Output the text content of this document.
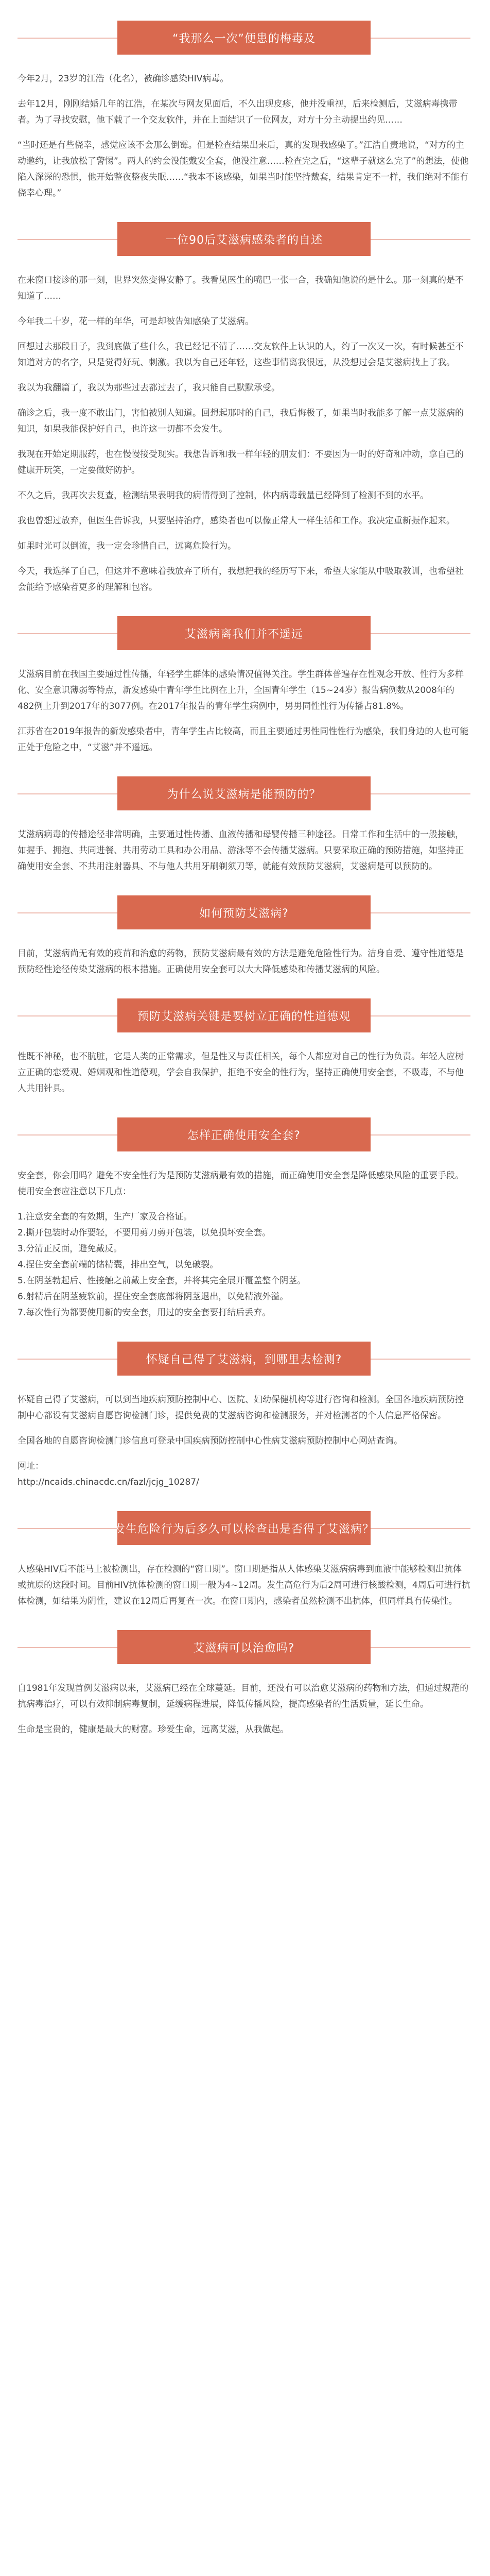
“我那么一次”便患的梅毒及

今年2月，23岁的江浩（化名），被确诊感染HIV病毒。

去年12月，刚刚结婚几年的江浩，在某次与网友见面后，不久出现皮疹，他并没重视，后来检测后，艾滋病毒携带者。为了寻找安慰，他下载了一个交友软件，并在上面结识了一位网友，对方十分主动提出约见……

“当时还是有些侥幸，感觉应该不会那么倒霉。但是检查结果出来后，真的发现我感染了。”江浩自责地说，“对方的主动邀约，让我放松了警惕”。两人的约会没能戴安全套，他没注意……检查完之后，“这辈子就这么完了”的想法，使他陷入深深的恐惧，他开始整夜整夜失眠……“我本不该感染，如果当时能坚持戴套，结果肯定不一样，我们绝对不能有侥幸心理。”

一位90后艾滋病感染者的自述

在来窗口接诊的那一刻，世界突然变得安静了。我看见医生的嘴巴一张一合，我确知他说的是什么。那一刻真的是不知道了……

今年我二十岁，花一样的年华，可是却被告知感染了艾滋病。

回想过去那段日子，我到底做了些什么，我已经记不清了……交友软件上认识的人，约了一次又一次，有时候甚至不知道对方的名字，只是觉得好玩、刺激。我以为自己还年轻，这些事情离我很远，从没想过会是艾滋病找上了我。

我以为我翻篇了，我以为那些过去都过去了，我只能自己默默承受。

确诊之后，我一度不敢出门，害怕被别人知道。回想起那时的自己，我后悔极了，如果当时我能多了解一点艾滋病的知识，如果我能保护好自己，也许这一切都不会发生。

我现在开始定期服药，也在慢慢接受现实。我想告诉和我一样年轻的朋友们：不要因为一时的好奇和冲动，拿自己的健康开玩笑，一定要做好防护。

不久之后，我再次去复查，检测结果表明我的病情得到了控制，体内病毒载量已经降到了检测不到的水平。

我也曾想过放弃，但医生告诉我，只要坚持治疗，感染者也可以像正常人一样生活和工作。我决定重新振作起来。

如果时光可以倒流，我一定会珍惜自己，远离危险行为。

今天，我选择了自己，但这并不意味着我放弃了所有，我想把我的经历写下来，希望大家能从中吸取教训，也希望社会能给予感染者更多的理解和包容。

艾滋病离我们并不遥远

艾滋病目前在我国主要通过性传播，年轻学生群体的感染情况值得关注。学生群体普遍存在性观念开放、性行为多样化、安全意识薄弱等特点，新发感染中青年学生比例在上升，全国青年学生（15~24岁）报告病例数从2008年的482例上升到2017年的3077例。在2017年报告的青年学生病例中，男男同性性行为传播占81.8%。

江苏省在2019年报告的新发感染者中，青年学生占比较高，而且主要通过男性同性性行为感染，我们身边的人也可能正处于危险之中，“艾滋”并不遥远。

为什么说艾滋病是能预防的？

艾滋病病毒的传播途径非常明确，主要通过性传播、血液传播和母婴传播三种途径。日常工作和生活中的一般接触，如握手、拥抱、共同进餐、共用劳动工具和办公用品、游泳等不会传播艾滋病。只要采取正确的预防措施，如坚持正确使用安全套、不共用注射器具、不与他人共用牙刷剃须刀等，就能有效预防艾滋病，艾滋病是可以预防的。

如何预防艾滋病?

目前，艾滋病尚无有效的疫苗和治愈的药物，预防艾滋病最有效的方法是避免危险性行为。洁身自爱、遵守性道德是预防经性途径传染艾滋病的根本措施。正确使用安全套可以大大降低感染和传播艾滋病的风险。

预防艾滋病关键是要树立正确的性道德观

性既不神秘，也不肮脏，它是人类的正常需求，但是性又与责任相关，每个人都应对自己的性行为负责。年轻人应树立正确的恋爱观、婚姻观和性道德观，学会自我保护，拒绝不安全的性行为，坚持正确使用安全套，不吸毒，不与他人共用针具。

怎样正确使用安全套?

安全套，你会用吗？避免不安全性行为是预防艾滋病最有效的措施，而正确使用安全套是降低感染风险的重要手段。使用安全套应注意以下几点：

1.注意安全套的有效期，生产厂家及合格证。
2.撕开包装时动作要轻，不要用剪刀剪开包装，以免损坏安全套。
3.分清正反面，避免戴反。
4.捏住安全套前端的储精囊，排出空气，以免破裂。
5.在阴茎勃起后、性接触之前戴上安全套，并将其完全展开覆盖整个阴茎。
6.射精后在阴茎疲软前，捏住安全套底部将阴茎退出，以免精液外溢。
7.每次性行为都要使用新的安全套，用过的安全套要打结后丢弃。
怀疑自己得了艾滋病，到哪里去检测?

怀疑自己得了艾滋病，可以到当地疾病预防控制中心、医院、妇幼保健机构等进行咨询和检测。全国各地疾病预防控制中心都设有艾滋病自愿咨询检测门诊，提供免费的艾滋病咨询和检测服务，并对检测者的个人信息严格保密。

全国各地的自愿咨询检测门诊信息可登录中国疾病预防控制中心性病艾滋病预防控制中心网站查询。

网址：
http://ncaids.chinacdc.cn/fazl/jcjg_10287/
发生危险行为后多久可以检查出是否得了艾滋病？

人感染HIV后不能马上被检测出，存在检测的“窗口期”。窗口期是指从人体感染艾滋病病毒到血液中能够检测出抗体或抗原的这段时间。目前HIV抗体检测的窗口期一般为4~12周。发生高危行为后2周可进行核酸检测，4周后可进行抗体检测，如结果为阴性，建议在12周后再复查一次。在窗口期内，感染者虽然检测不出抗体，但同样具有传染性。

艾滋病可以治愈吗?

自1981年发现首例艾滋病以来，艾滋病已经在全球蔓延。目前，还没有可以治愈艾滋病的药物和方法，但通过规范的抗病毒治疗，可以有效抑制病毒复制，延缓病程进展，降低传播风险，提高感染者的生活质量，延长生命。

生命是宝贵的，健康是最大的财富。珍爱生命，远离艾滋，从我做起。
